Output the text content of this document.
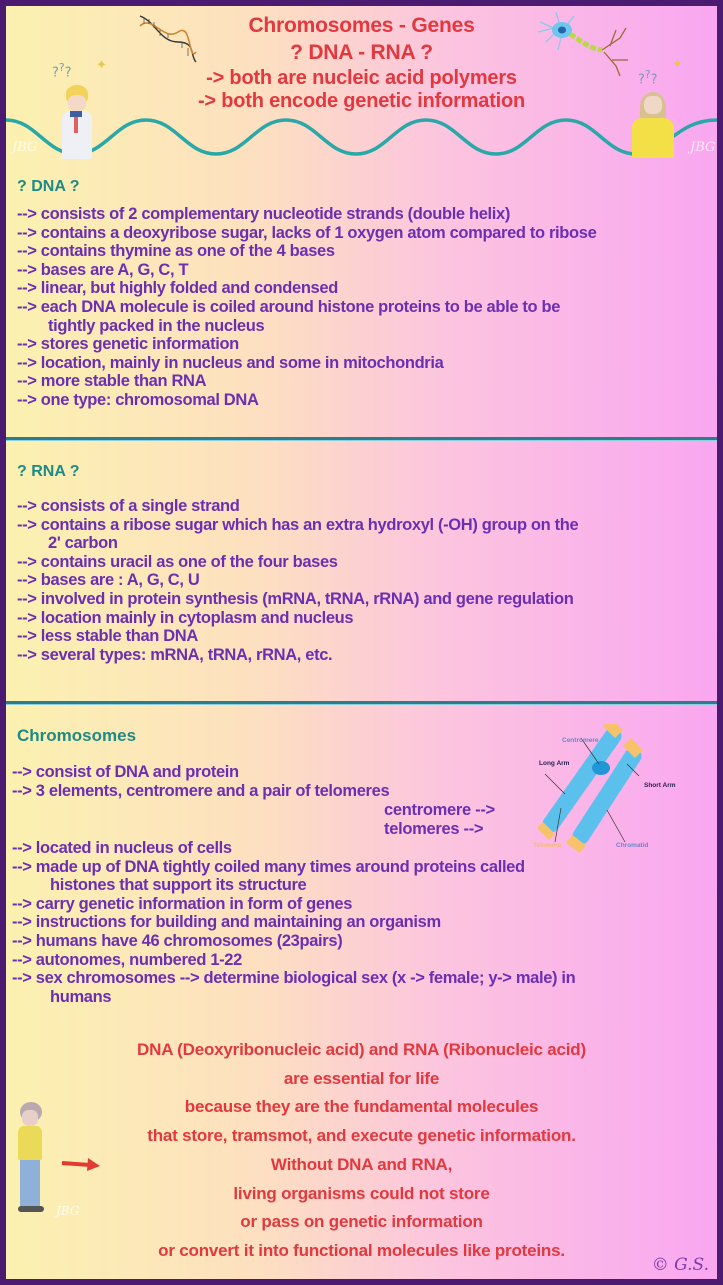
Chromosomes - Genes
? DNA - RNA ?
-> both are nucleic acid polymers
-> both encode genetic information
???
✦
???
✦
JBG	JBG
? DNA ?
--> consists of 2 complementary nucleotide strands (double helix)
--> contains a deoxyribose sugar, lacks of 1 oxygen atom compared to ribose
--> contains thymine as one of the 4 bases
--> bases are A, G, C, T
--> linear, but highly folded and condensed
--> each DNA molecule is coiled around histone proteins to be able to be
tightly packed in the nucleus
--> stores genetic information
--> location, mainly in nucleus and some in mitochondria
--> more stable than RNA
--> one type: chromosomal DNA
? RNA ?
--> consists of a single strand
--> contains a ribose sugar which has an extra hydroxyl (-OH) group on the
2' carbon
--> contains uracil as one of the four bases
--> bases are : A, G, C, U
--> involved in protein synthesis (mRNA, tRNA, rRNA) and gene regulation
--> location mainly in cytoplasm and nucleus
--> less stable than DNA
--> several types: mRNA, tRNA, rRNA, etc.
Chromosomes
--> consist of DNA and protein
--> 3 elements, centromere and a pair of telomeres
centromere -->
telomeres -->
Centromere
Long Arm
Short Arm
Telomere	Chromatid
--> located in nucleus of cells
--> made up of DNA tightly coiled many times around proteins called
histones that support its structure
--> carry genetic information in form of genes
--> instructions for building and maintaining an organism
--> humans have 46 chromosomes (23pairs)
--> autonomes, numbered 1-22
--> sex chromosomes --> determine biological sex (x -> female; y-> male) in
humans
DNA (Deoxyribonucleic acid) and RNA (Ribonucleic acid)
are essential for life
because they are the fundamental molecules
that store, tramsmot, and execute genetic information.
Without DNA and RNA,
living organisms could not store
or pass on genetic information
or convert it into functional molecules like proteins.
JBG
© G.S.
